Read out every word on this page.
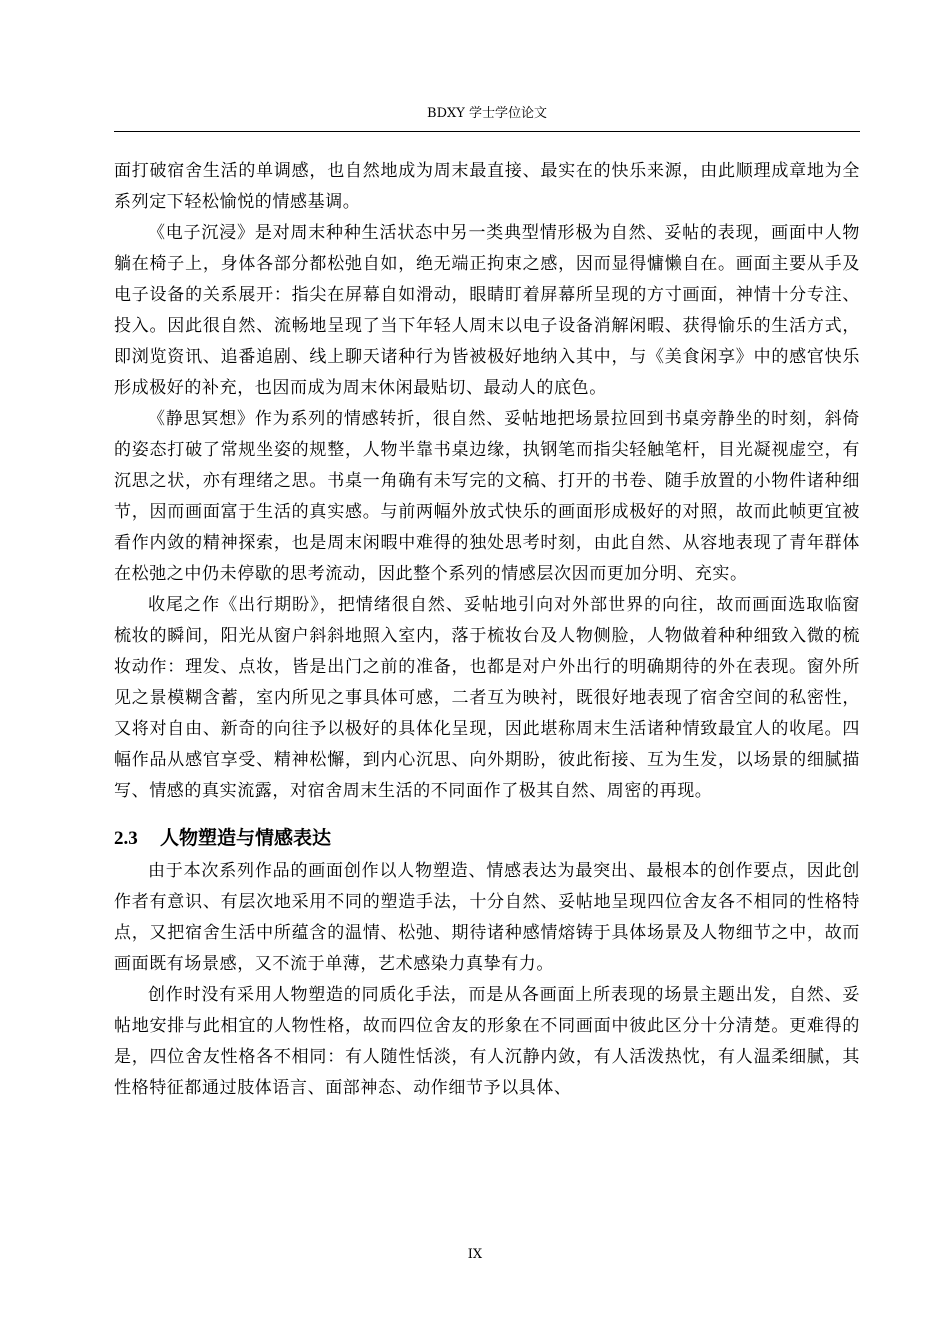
BDXY 学士学位论文

面打破宿舍生活的单调感，也自然地成为周末最直接、最实在的快乐来源，由此顺理成章地为全系列定下轻松愉悦的情感基调。

《电子沉浸》是对周末种种生活状态中另一类典型情形极为自然、妥帖的表现，画面中人物躺在椅子上，身体各部分都松弛自如，绝无端正拘束之感，因而显得慵懒自在。画面主要从手及电子设备的关系展开：指尖在屏幕自如滑动，眼睛盯着屏幕所呈现的方寸画面，神情十分专注、投入。因此很自然、流畅地呈现了当下年轻人周末以电子设备消解闲暇、获得愉乐的生活方式，即浏览资讯、追番追剧、线上聊天诸种行为皆被极好地纳入其中，与《美食闲享》中的感官快乐形成极好的补充，也因而成为周末休闲最贴切、最动人的底色。

《静思冥想》作为系列的情感转折，很自然、妥帖地把场景拉回到书桌旁静坐的时刻，斜倚的姿态打破了常规坐姿的规整，人物半靠书桌边缘，执钢笔而指尖轻触笔杆，目光凝视虚空，有沉思之状，亦有理绪之思。书桌一角确有未写完的文稿、打开的书卷、随手放置的小物件诸种细节，因而画面富于生活的真实感。与前两幅外放式快乐的画面形成极好的对照，故而此帧更宜被看作内敛的精神探索，也是周末闲暇中难得的独处思考时刻，由此自然、从容地表现了青年群体在松弛之中仍未停歇的思考流动，因此整个系列的情感层次因而更加分明、充实。

收尾之作《出行期盼》，把情绪很自然、妥帖地引向对外部世界的向往，故而画面选取临窗梳妆的瞬间，阳光从窗户斜斜地照入室内，落于梳妆台及人物侧脸，人物做着种种细致入微的梳妆动作：理发、点妆，皆是出门之前的准备，也都是对户外出行的明确期待的外在表现。窗外所见之景模糊含蓄，室内所见之事具体可感，二者互为映衬，既很好地表现了宿舍空间的私密性，又将对自由、新奇的向往予以极好的具体化呈现，因此堪称周末生活诸种情致最宜人的收尾。四幅作品从感官享受、精神松懈，到内心沉思、向外期盼，彼此衔接、互为生发，以场景的细腻描写、情感的真实流露，对宿舍周末生活的不同面作了极其自然、周密的再现。

2.3 人物塑造与情感表达

由于本次系列作品的画面创作以人物塑造、情感表达为最突出、最根本的创作要点，因此创作者有意识、有层次地采用不同的塑造手法，十分自然、妥帖地呈现四位舍友各不相同的性格特点，又把宿舍生活中所蕴含的温情、松弛、期待诸种感情熔铸于具体场景及人物细节之中，故而画面既有场景感，又不流于单薄，艺术感染力真挚有力。

创作时没有采用人物塑造的同质化手法，而是从各画面上所表现的场景主题出发，自然、妥帖地安排与此相宜的人物性格，故而四位舍友的形象在不同画面中彼此区分十分清楚。更难得的是，四位舍友性格各不相同：有人随性恬淡，有人沉静内敛，有人活泼热忱，有人温柔细腻，其性格特征都通过肢体语言、面部神态、动作细节予以具体、

IX
